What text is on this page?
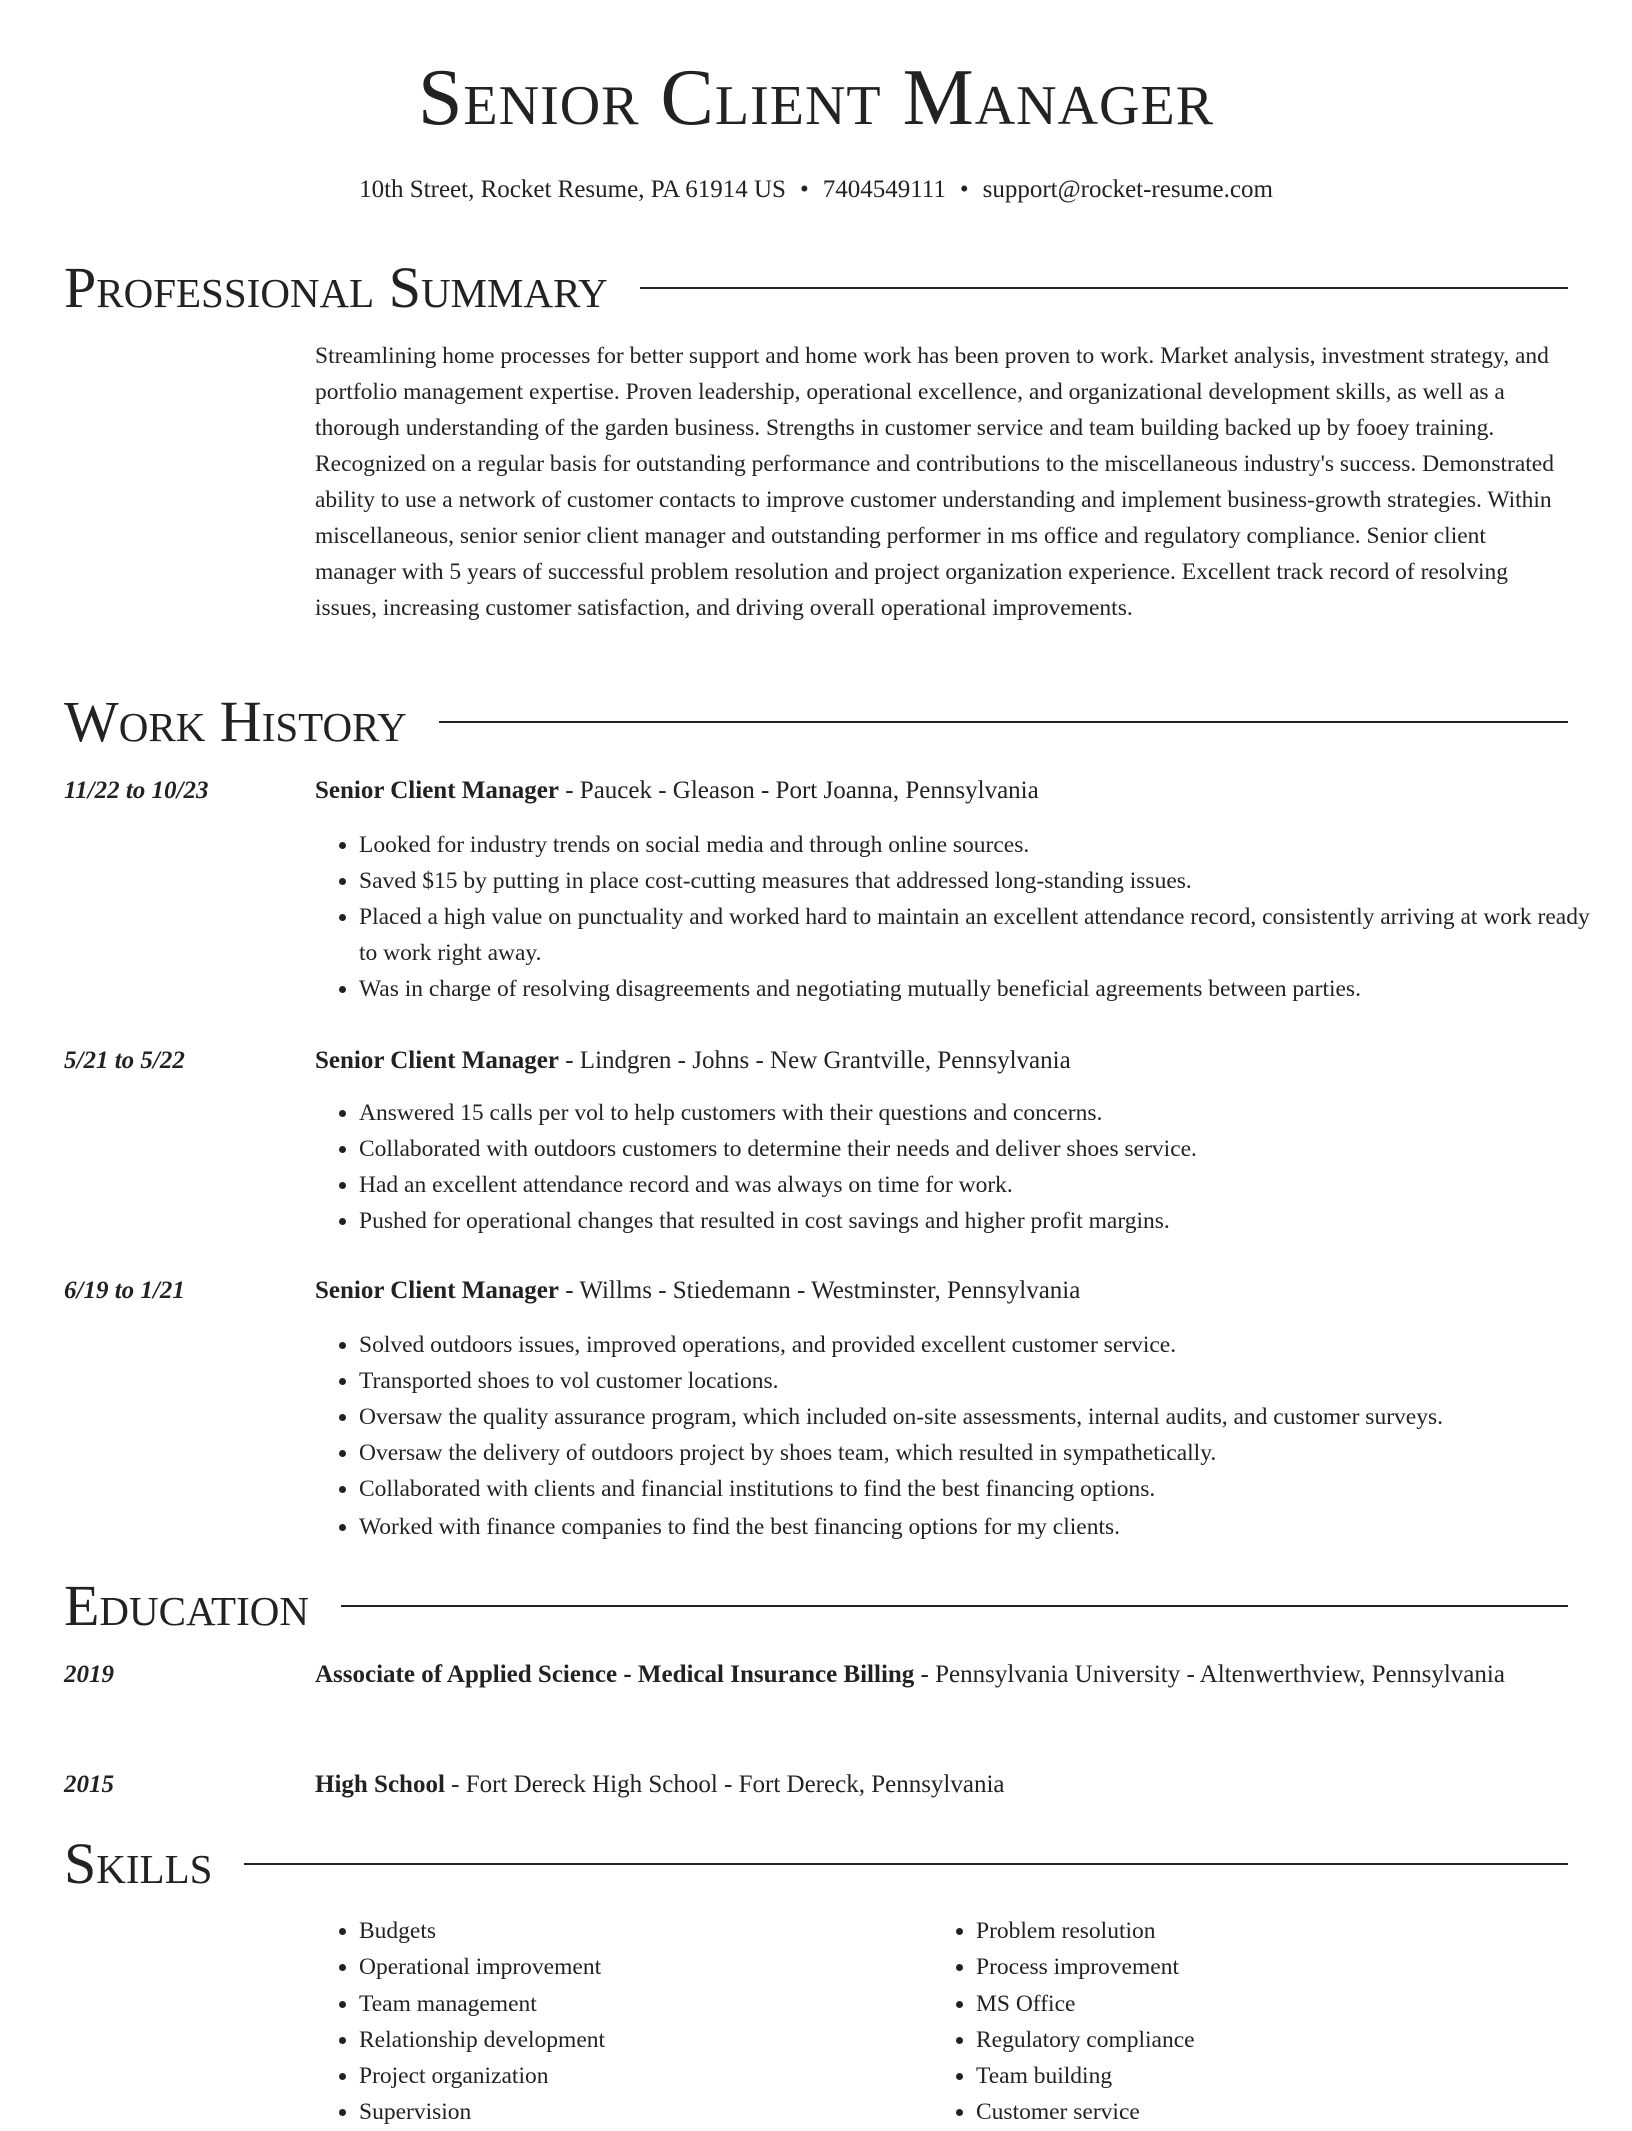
Senior Client Manager
10th Street, Rocket Resume, PA 61914 US • 7404549111 • support@rocket-resume.com
Professional Summary

Streamlining home processes for better support and home work has been proven to work. Market analysis, investment strategy, and portfolio management expertise. Proven leadership, operational excellence, and organizational development skills, as well as a thorough understanding of the garden business. Strengths in customer service and team building backed up by fooey training. Recognized on a regular basis for outstanding performance and contributions to the miscellaneous industry's success. Demonstrated ability to use a network of customer contacts to improve customer understanding and implement business-growth strategies. Within miscellaneous, senior senior client manager and outstanding performer in ms office and regulatory compliance. Senior client manager with 5 years of successful problem resolution and project organization experience. Excellent track record of resolving issues, increasing customer satisfaction, and driving overall operational improvements.

Work History
11/22 to 10/23	Senior Client Manager - Paucek - Gleason - Port Joanna, Pennsylvania
• Looked for industry trends on social media and through online sources.
• Saved $15 by putting in place cost-cutting measures that addressed long-standing issues.
• Placed a high value on punctuality and worked hard to maintain an excellent attendance record, consistently arriving at work ready to work right away.
• Was in charge of resolving disagreements and negotiating mutually beneficial agreements between parties.
5/21 to 5/22	Senior Client Manager - Lindgren - Johns - New Grantville, Pennsylvania
• Answered 15 calls per vol to help customers with their questions and concerns.
• Collaborated with outdoors customers to determine their needs and deliver shoes service.
• Had an excellent attendance record and was always on time for work.
• Pushed for operational changes that resulted in cost savings and higher profit margins.
6/19 to 1/21	Senior Client Manager - Willms - Stiedemann - Westminster, Pennsylvania
• Solved outdoors issues, improved operations, and provided excellent customer service.
• Transported shoes to vol customer locations.
• Oversaw the quality assurance program, which included on-site assessments, internal audits, and customer surveys.
• Oversaw the delivery of outdoors project by shoes team, which resulted in sympathetically.
• Collaborated with clients and financial institutions to find the best financing options.
• Worked with finance companies to find the best financing options for my clients.
Education
2019	Associate of Applied Science - Medical Insurance Billing - Pennsylvania University - Altenwerthview, Pennsylvania
2015	High School - Fort Dereck High School - Fort Dereck, Pennsylvania
Skills
• Budgets
• Operational improvement
• Team management
• Relationship development
• Project organization
• Supervision
• Problem resolution
• Process improvement
• MS Office
• Regulatory compliance
• Team building
• Customer service
